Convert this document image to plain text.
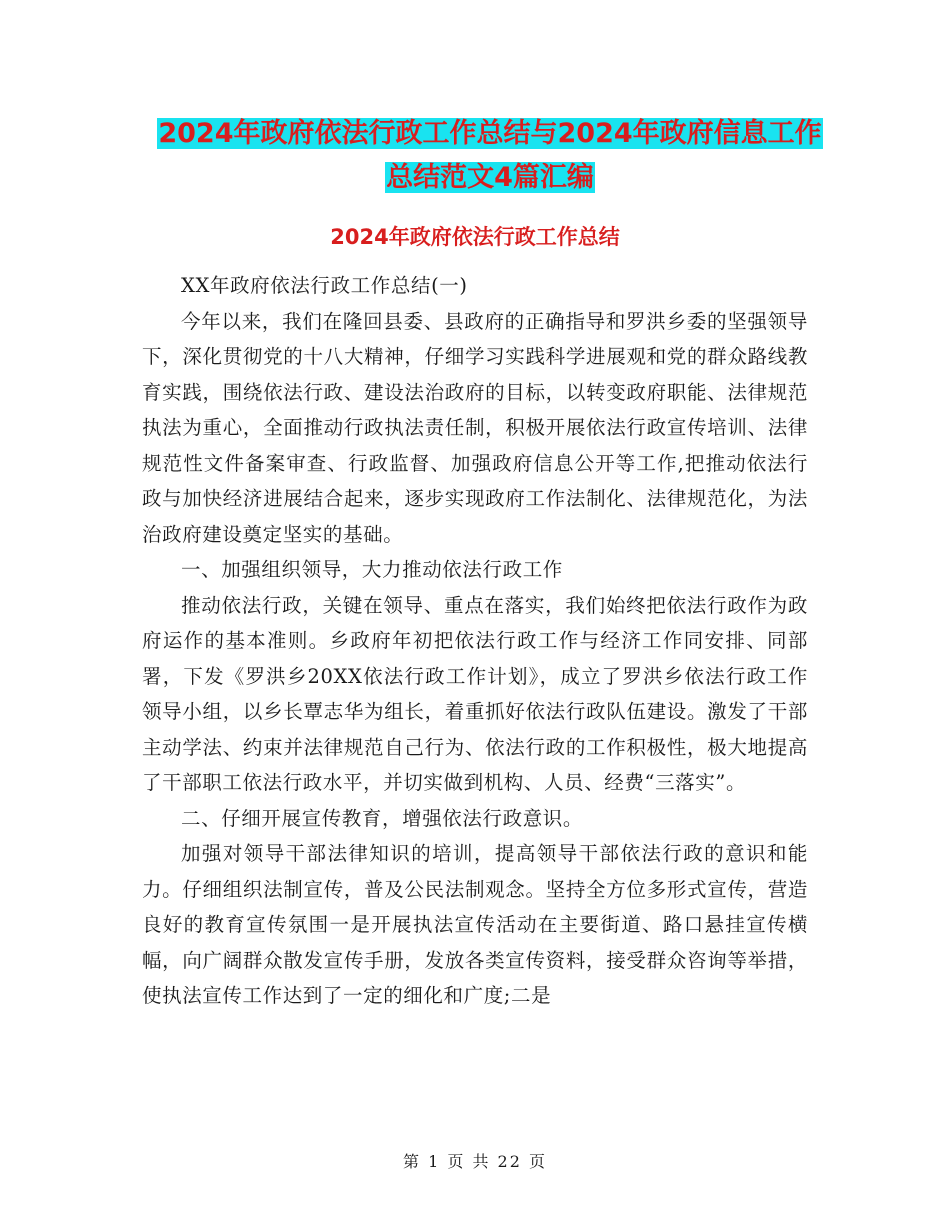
2024年政府依法行政工作总结与2024年政府信息工作
总结范文4篇汇编
2024年政府依法行政工作总结

XX年政府依法行政工作总结(一)

今年以来，我们在隆回县委、县政府的正确指导和罗洪乡委的坚强领导下，深化贯彻党的十八大精神，仔细学习实践科学进展观和党的群众路线教育实践，围绕依法行政、建设法治政府的目标，以转变政府职能、法律规范执法为重心，全面推动行政执法责任制，积极开展依法行政宣传培训、法律规范性文件备案审查、行政监督、加强政府信息公开等工作,把推动依法行政与加快经济进展结合起来，逐步实现政府工作法制化、法律规范化，为法治政府建设奠定坚实的基础。

一、加强组织领导，大力推动依法行政工作

推动依法行政，关键在领导、重点在落实，我们始终把依法行政作为政府运作的基本准则。乡政府年初把依法行政工作与经济工作同安排、同部署，下发《罗洪乡20XX依法行政工作计划》，成立了罗洪乡依法行政工作领导小组，以乡长覃志华为组长，着重抓好依法行政队伍建设。激发了干部主动学法、约束并法律规范自己行为、依法行政的工作积极性，极大地提高了干部职工依法行政水平，并切实做到机构、人员、经费“三落实”。

二、仔细开展宣传教育，增强依法行政意识。

加强对领导干部法律知识的培训，提高领导干部依法行政的意识和能力。仔细组织法制宣传，普及公民法制观念。坚持全方位多形式宣传，营造良好的教育宣传氛围一是开展执法宣传活动在主要街道、路口悬挂宣传横幅，向广阔群众散发宣传手册，发放各类宣传资料，接受群众咨询等举措，使执法宣传工作达到了一定的细化和广度;二是

第 1 页 共 22 页
